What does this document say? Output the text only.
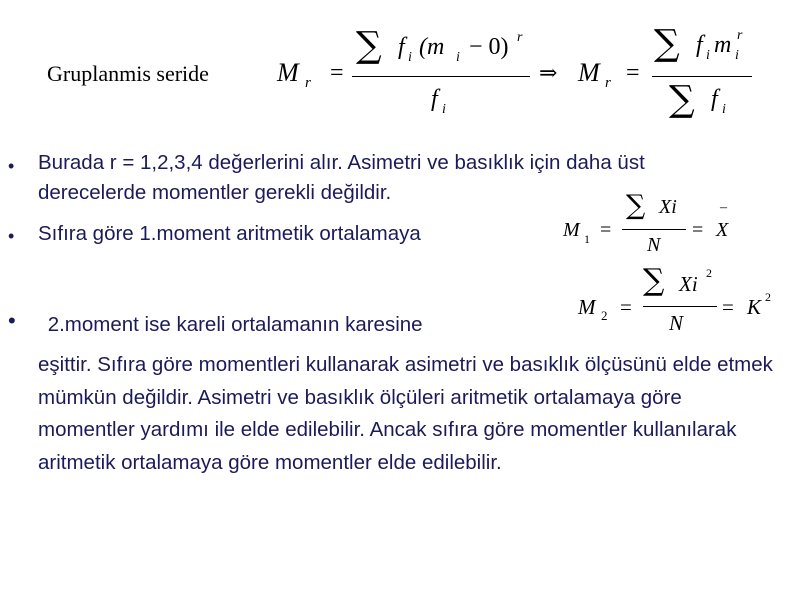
Gruplanmis seride	M r =
∑ f i (m i − 0) r
f i
⇒ M r =
∑ f i m i
r
∑ f i
• Burada r = 1,2,3,4 değerlerini alır. Asimetri ve basıklık için daha üst derecelerde momentler gerekli değildir.
• Sıfıra göre 1.moment aritmetik ortalamaya	M 1 =
∑ Xi
N
=
–
X
• 2.moment ise kareli ortalamanın karesine
M 2 =
∑ Xi 2
N
= K 2
eşittir. Sıfıra göre momentleri kullanarak asimetri ve basıklık ölçüsünü elde etmek mümkün değildir. Asimetri ve basıklık ölçüleri aritmetik ortalamaya göre momentler yardımı ile elde edilebilir. Ancak sıfıra göre momentler kullanılarak aritmetik ortalamaya göre momentler elde edilebilir.
